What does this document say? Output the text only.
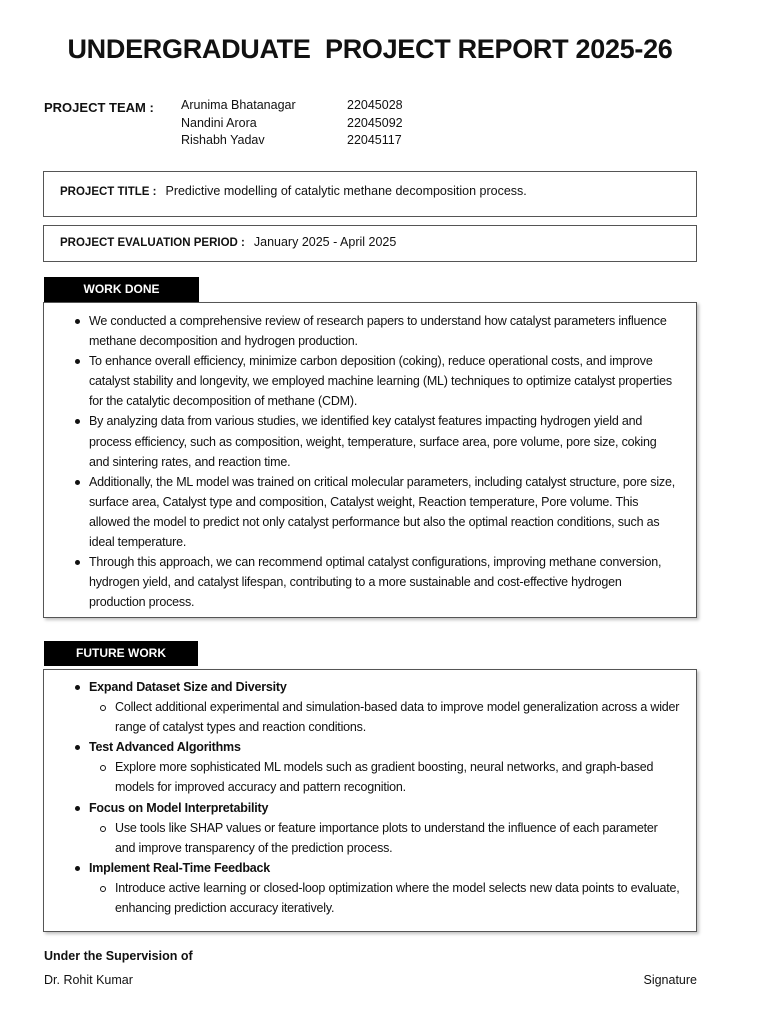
UNDERGRADUATE  PROJECT REPORT 2025-26
PROJECT TEAM : Arunima Bhatanagar	22045028
Nandini Arora	22045092
Rishabh Yadav	22045117
PROJECT TITLE : Predictive modelling of catalytic methane decomposition process.
PROJECT EVALUATION PERIOD : January 2025 - April 2025
WORK DONE
We conducted a comprehensive review of research papers to understand how catalyst parameters influence methane decomposition and hydrogen production.
To enhance overall efficiency, minimize carbon deposition (coking), reduce operational costs, and improve catalyst stability and longevity, we employed machine learning (ML) techniques to optimize catalyst properties for the catalytic decomposition of methane (CDM).
By analyzing data from various studies, we identified key catalyst features impacting hydrogen yield and process efficiency, such as composition, weight, temperature, surface area, pore volume, pore size, coking and sintering rates, and reaction time.
Additionally, the ML model was trained on critical molecular parameters, including catalyst structure, pore size, surface area, Catalyst type and composition, Catalyst weight, Reaction temperature, Pore volume. This allowed the model to predict not only catalyst performance but also the optimal reaction conditions, such as ideal temperature.
Through this approach, we can recommend optimal catalyst configurations, improving methane conversion, hydrogen yield, and catalyst lifespan, contributing to a more sustainable and cost-effective hydrogen production process.
FUTURE WORK
Expand Dataset Size and Diversity
Collect additional experimental and simulation-based data to improve model generalization across a wider range of catalyst types and reaction conditions.
Test Advanced Algorithms
Explore more sophisticated ML models such as gradient boosting, neural networks, and graph-based models for improved accuracy and pattern recognition.
Focus on Model Interpretability
Use tools like SHAP values or feature importance plots to understand the influence of each parameter and improve transparency of the prediction process.
Implement Real-Time Feedback
Introduce active learning or closed-loop optimization where the model selects new data points to evaluate, enhancing prediction accuracy iteratively.
Under the Supervision of
Dr. Rohit Kumar	Signature
